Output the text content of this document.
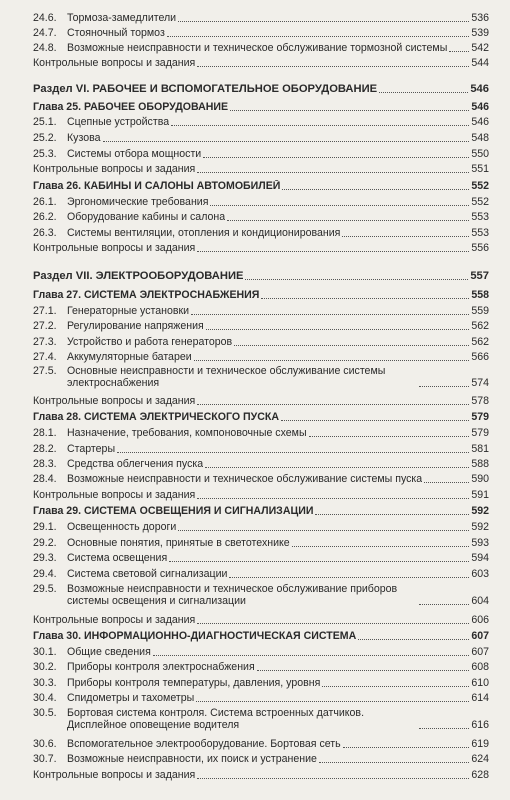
24.6. Тормоза-замедлители	536
24.7. Стояночный тормоз	539
24.8. Возможные неисправности и техническое обслуживание тормозной системы 542
Контрольные вопросы и задания	544
Раздел VI. РАБОЧЕЕ И ВСПОМОГАТЕЛЬНОЕ ОБОРУДОВАНИЕ	546
Глава 25. РАБОЧЕЕ ОБОРУДОВАНИЕ	546
25.1. Сцепные устройства	546
25.2. Кузова	548
25.3. Системы отбора мощности	550
Контрольные вопросы и задания	551
Глава 26. КАБИНЫ И САЛОНЫ АВТОМОБИЛЕЙ	552
26.1. Эргономические требования	552
26.2. Оборудование кабины и салона	553
26.3. Системы вентиляции, отопления и кондиционирования	553
Контрольные вопросы и задания	556
Раздел VII. ЭЛЕКТРООБОРУДОВАНИЕ	557
Глава 27. СИСТЕМА ЭЛЕКТРОСНАБЖЕНИЯ	558
27.1. Генераторные установки	559
27.2. Регулирование напряжения	562
27.3. Устройство и работа генераторов	562
27.4. Аккумуляторные батареи	566
27.5. Основные неисправности и техническое обслуживание системы электроснабжения	574
Контрольные вопросы и задания	578
Глава 28. СИСТЕМА ЭЛЕКТРИЧЕСКОГО ПУСКА	579
28.1. Назначение, требования, компоновочные схемы	579
28.2. Стартеры	581
28.3. Средства облегчения пуска	588
28.4. Возможные неисправности и техническое обслуживание системы пуска	590
Контрольные вопросы и задания	591
Глава 29. СИСТЕМА ОСВЕЩЕНИЯ И СИГНАЛИЗАЦИИ	592
29.1. Освещенность дороги	592
29.2. Основные понятия, принятые в светотехнике	593
29.3. Система освещения	594
29.4. Система световой сигнализации	603
29.5. Возможные неисправности и техническое обслуживание приборов системы освещения и сигнализации	604
Контрольные вопросы и задания	606
Глава 30. ИНФОРМАЦИОННО-ДИАГНОСТИЧЕСКАЯ СИСТЕМА	607
30.1. Общие сведения	607
30.2. Приборы контроля электроснабжения	608
30.3. Приборы контроля температуры, давления, уровня	610
30.4. Спидометры и тахометры	614
30.5. Бортовая система контроля. Система встроенных датчиков. Дисплейное оповещение водителя	616
30.6. Вспомогательное электрооборудование. Бортовая сеть	619
30.7. Возможные неисправности, их поиск и устранение	624
Контрольные вопросы и задания	628
